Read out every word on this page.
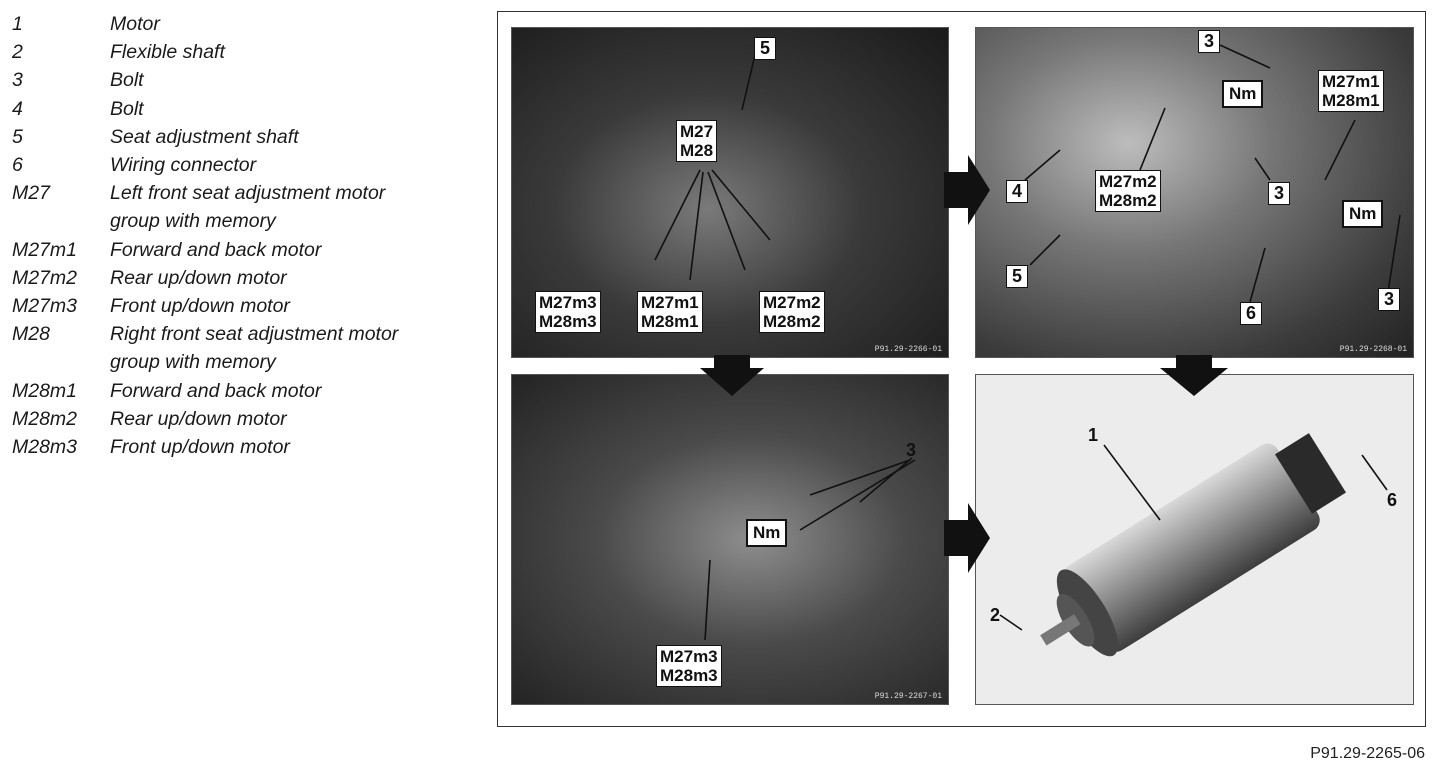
1	Motor
2	Flexible shaft
3	Bolt
4	Bolt
5	Seat adjustment shaft
6	Wiring connector
M27	Left front seat adjustment motor
group with memory
M27m1	Forward and back motor
M27m2	Rear up/down motor
M27m3	Front up/down motor
M28	Right front seat adjustment motor
group with memory
M28m1	Forward and back motor
M28m2	Rear up/down motor
M28m3	Front up/down motor
P91.29-2266-01	P91.29-2268-01
P91.29-2267-01
5
M27
M28
M27m3
M28m3
M27m1
M28m1
M27m2
M28m2
3
Nm
M27m1
M28m1
4	M27m2
M28m2	3
Nm
5
6
3
3
Nm
M27m3
M28m3
1
2
6
P91.29-2265-06
